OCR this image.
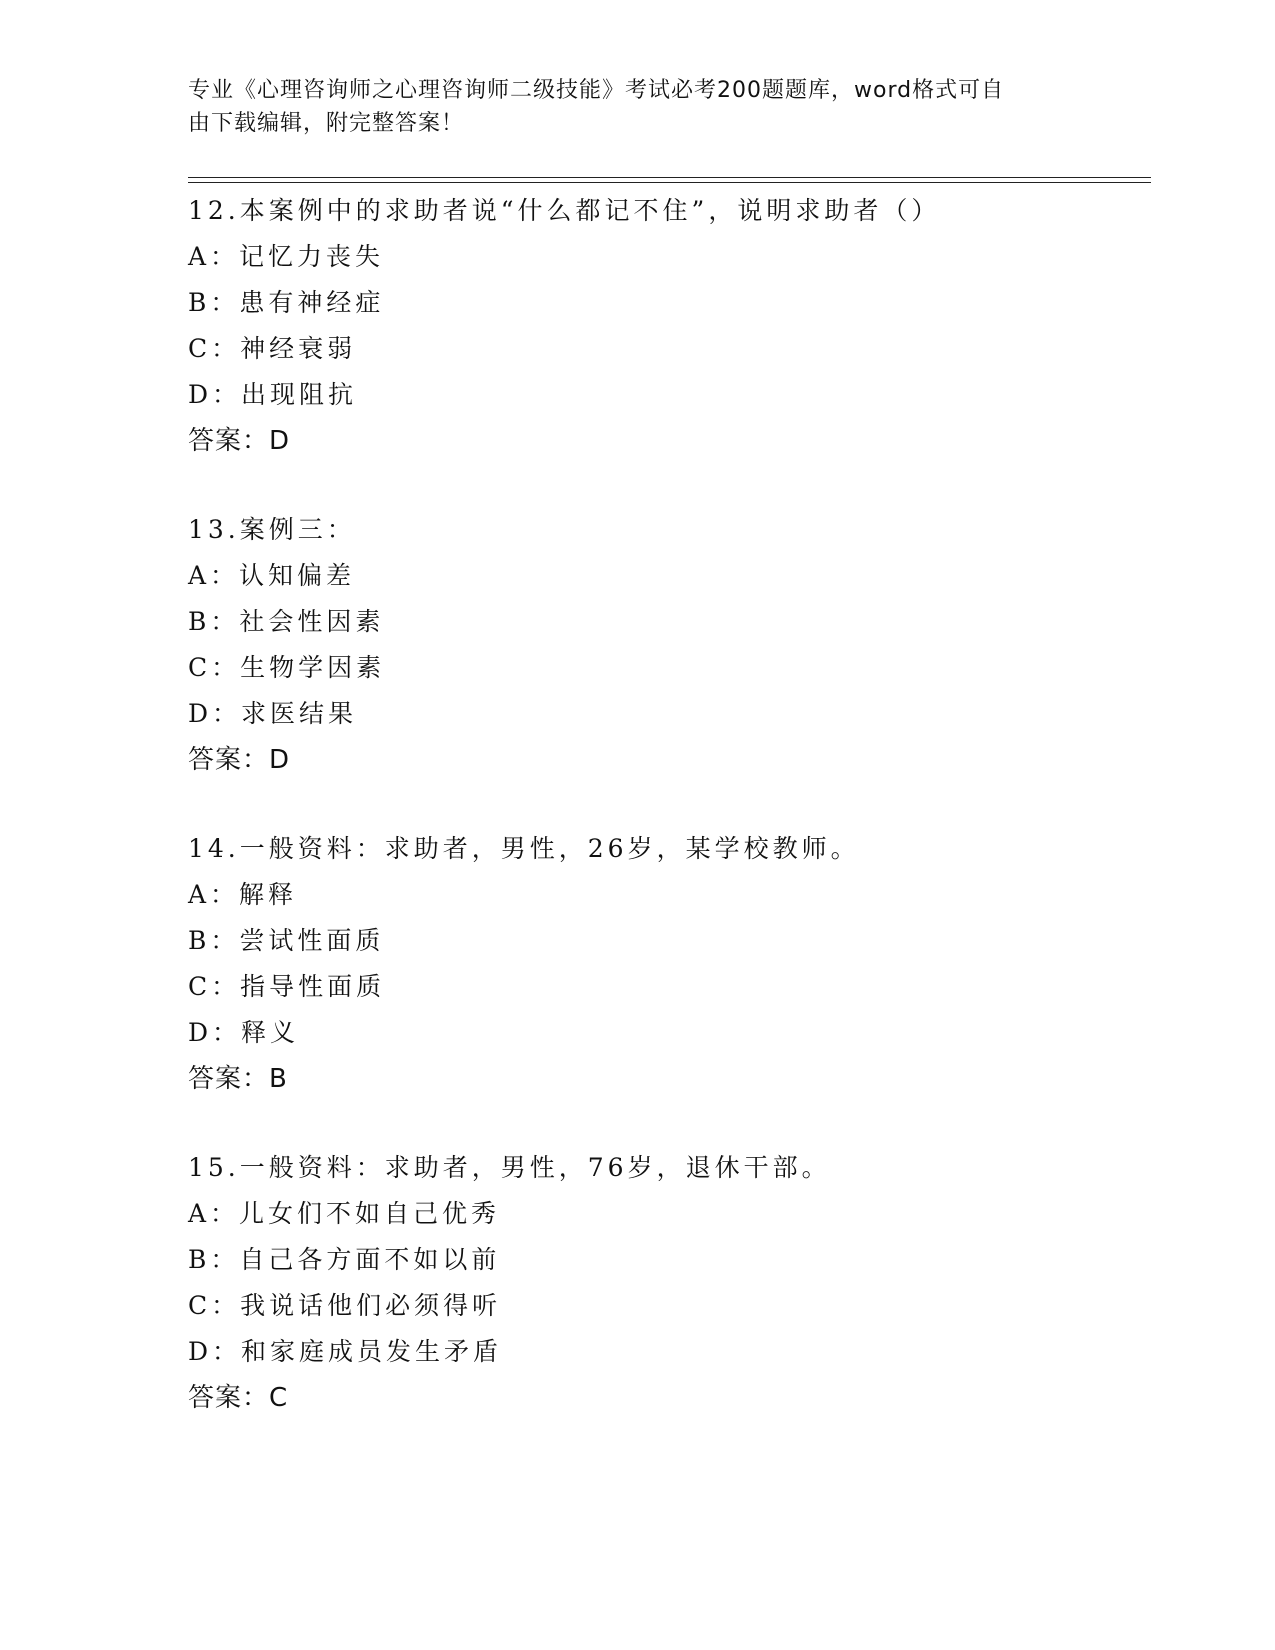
专业《心理咨询师之心理咨询师二级技能》考试必考200题题库，word格式可自
由下载编辑，附完整答案！
12.本案例中的求助者说“什么都记不住”，说明求助者（）
A：记忆力丧失
B：患有神经症
C：神经衰弱
D：出现阻抗
答案：D
13.案例三：
A：认知偏差
B：社会性因素
C：生物学因素
D：求医结果
答案：D
14.一般资料：求助者，男性，26岁，某学校教师。
A：解释
B：尝试性面质
C：指导性面质
D：释义
答案：B
15.一般资料：求助者，男性，76岁，退休干部。
A：儿女们不如自己优秀
B：自己各方面不如以前
C：我说话他们必须得听
D：和家庭成员发生矛盾
答案：C
